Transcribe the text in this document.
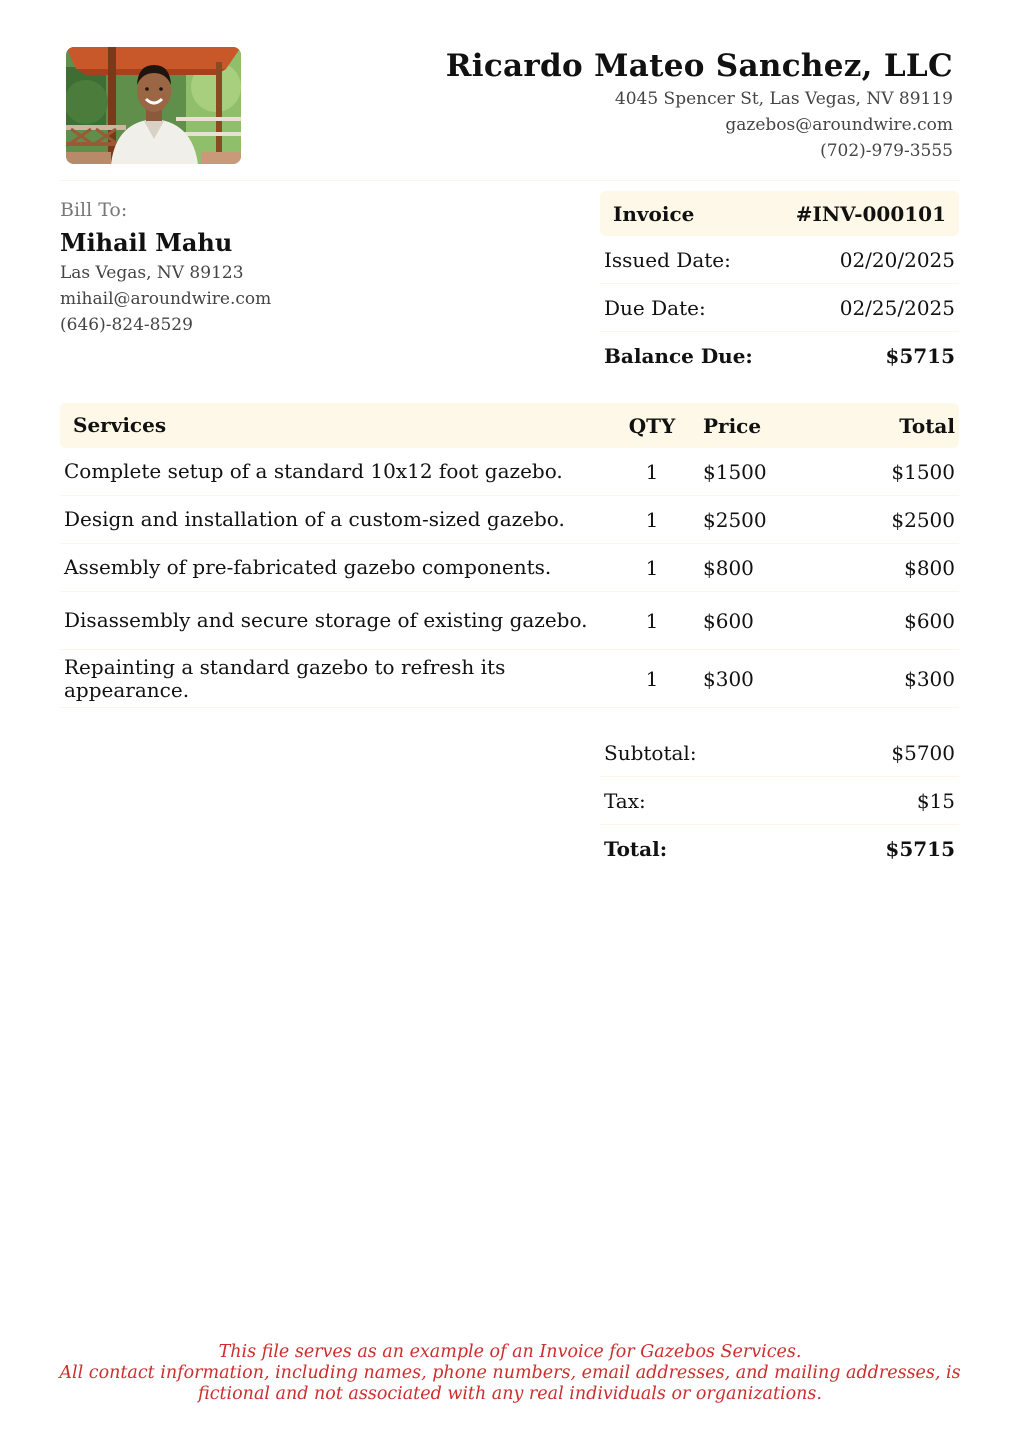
Ricardo Mateo Sanchez, LLC
4045 Spencer St, Las Vegas, NV 89119
gazebos@aroundwire.com
(702)-979-3555
Bill To:
Mihail Mahu
Las Vegas, NV 89123
mihail@aroundwire.com
(646)-824-8529
Invoice	#INV-000101
Issued Date:	02/20/2025
Due Date:	02/25/2025
Balance Due:	$5715
Services	QTY	Price	Total
Complete setup of a standard 10x12 foot gazebo.	1	$1500	$1500
Design and installation of a custom-sized gazebo.	1	$2500	$2500
Assembly of pre-fabricated gazebo components.	1	$800	$800
Disassembly and secure storage of existing gazebo.	1	$600	$600
Repainting a standard gazebo to refresh its appearance.	1	$300	$300
Subtotal:	$5700
Tax:	$15
Total:	$5715
This file serves as an example of an Invoice for Gazebos Services.
All contact information, including names, phone numbers, email addresses, and mailing addresses, is
fictional and not associated with any real individuals or organizations.
